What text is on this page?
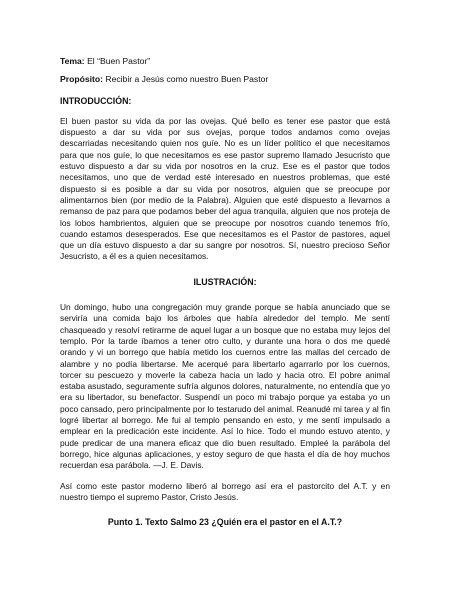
Tema: El “Buen Pastor”
Propósito: Recibir a Jesús como nuestro Buen Pastor
INTRODUCCIÓN:

El buen pastor su vida da por las ovejas. Qué bello es tener ese pastor que está dispuesto a dar su vida por sus ovejas, porque todos andamos como ovejas descarriadas necesitando quien nos guíe. No es un líder político el que necesitamos para que nos guíe, lo que necesitamos es ese pastor supremo llamado Jesucristo que estuvo dispuesto a dar su vida por nosotros en la cruz. Ese es el pastor que todos necesitamos, uno que de verdad esté interesado en nuestros problemas, que esté dispuesto si es posible a dar su vida por nosotros, alguien que se preocupe por alimentarnos bien (por medio de la Palabra). Alguien que esté dispuesto a llevarnos a remanso de paz para que podamos beber del agua tranquila, alguien que nos proteja de los lobos hambrientos, alguien que se preocupe por nosotros cuando tenemos frío, cuando estamos desesperados. Ese que necesitamos es el Pastor de pastores, aquel que un día estuvo dispuesto a dar su sangre por nosotros. Sí, nuestro precioso Señor Jesucristo, a él es a quien necesitamos.

ILUSTRACIÓN:

Un domingo, hubo una congregación muy grande porque se había anunciado que se serviría una comida bajo los árboles que había alrededor del templo. Me sentí chasqueado y resolví retirarme de aquel lugar a un bosque que no estaba muy lejos del templo. Por la tarde íbamos a tener otro culto, y durante una hora o dos me quedé orando y vi un borrego que había metido los cuernos entre las mallas del cercado de alambre y no podía libertarse. Me acerqué para libertarlo agarrarlo por los cuernos, torcer su pescuezo y moverle la cabeza hacia un lado y hacia otro. El pobre animal estaba asustado, seguramente sufría algunos dolores, naturalmente, no entendía que yo era su libertador, su benefactor. Suspendí un poco mi trabajo porque ya estaba yo un poco cansado, pero principalmente por lo testarudo del animal. Reanudé mi tarea y al fin logré libertar al borrego. Me fui al templo pensando en esto, y me sentí impulsado a emplear en la predicación este incidente. Así lo hice. Todo el mundo estuvo atento, y pude predicar de una manera eficaz que dio buen resultado. Empleé la parábola del borrego, hice algunas aplicaciones, y estoy seguro de que hasta el día de hoy muchos recuerdan esa parábola. —J. E. Davis.

Así como este pastor moderno liberó al borrego así era el pastorcito del A.T. y en nuestro tiempo el supremo Pastor, Cristo Jesús.

Punto 1. Texto Salmo 23 ¿Quién era el pastor en el A.T.?
